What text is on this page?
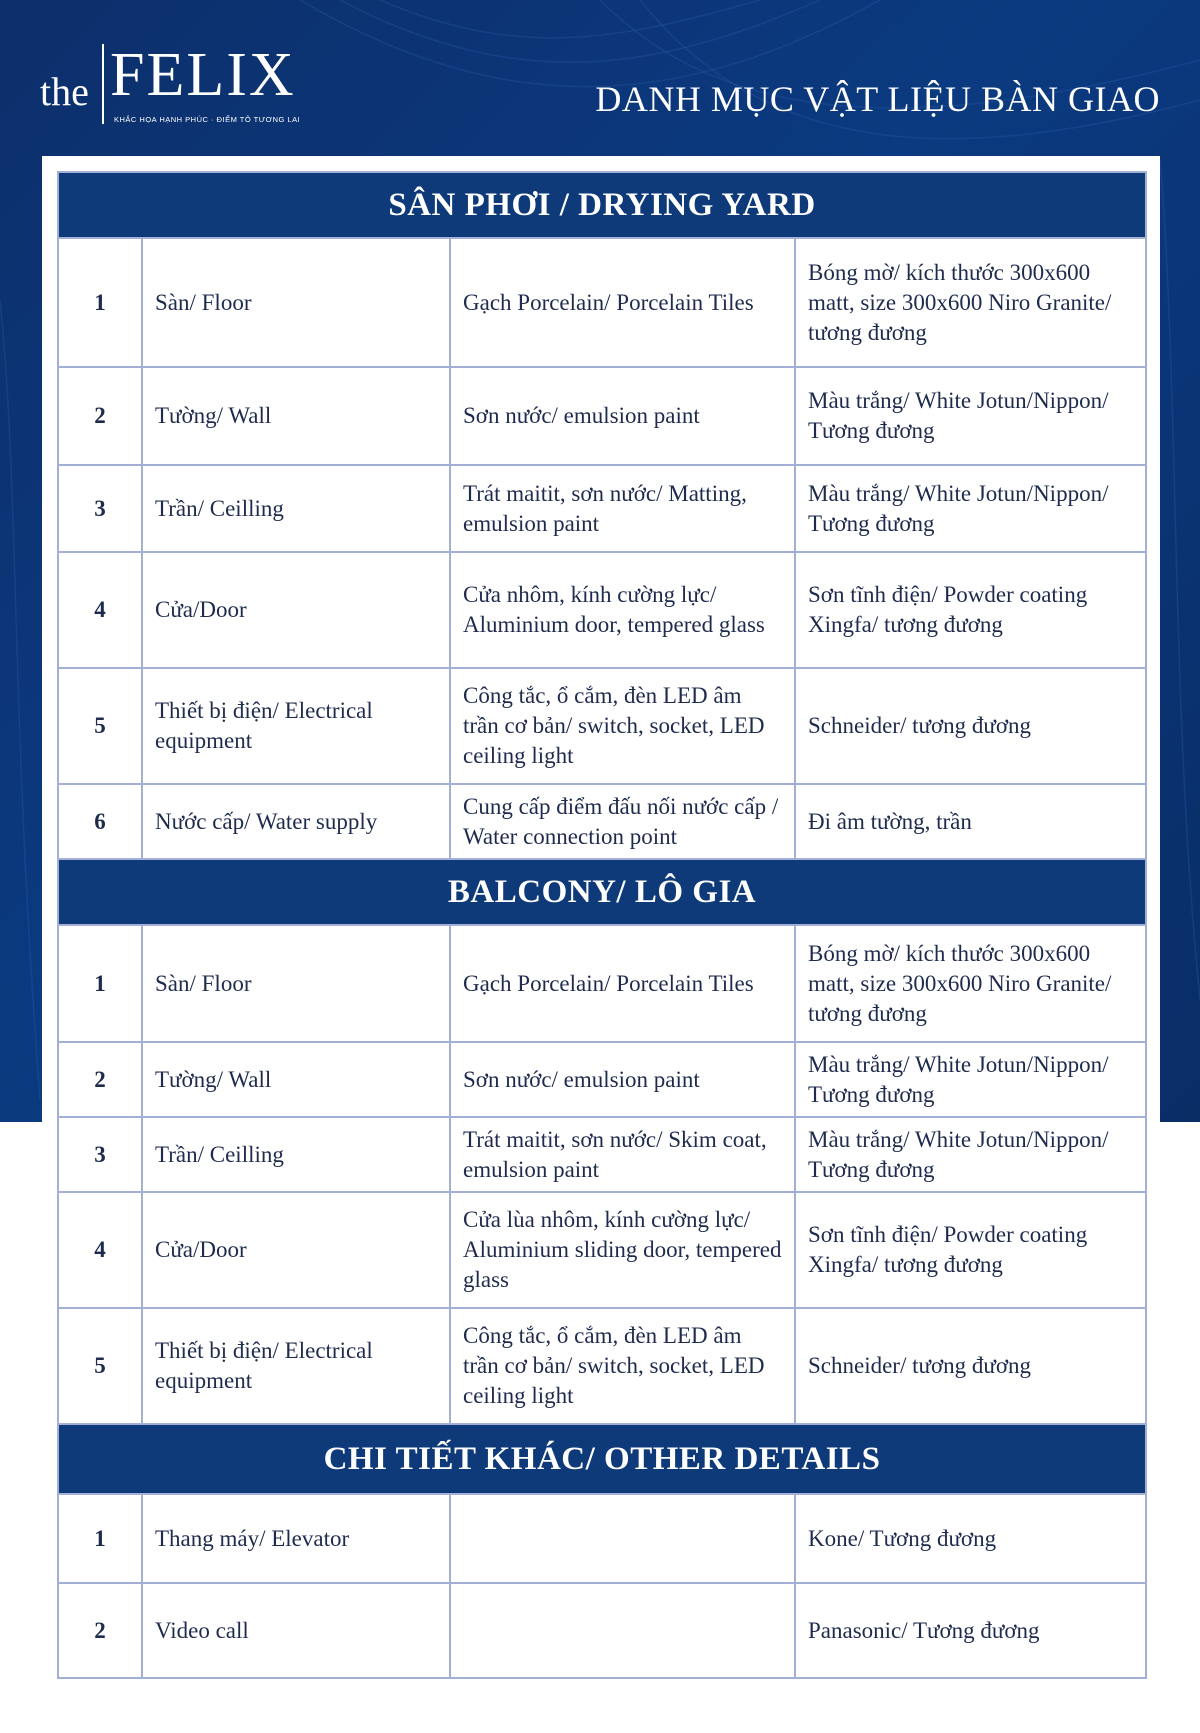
the FELIX
KHẮC HỌA HẠNH PHÚC · ĐIỂM TÔ TƯƠNG LAI
DANH MỤC VẬT LIỆU BÀN GIAO
SÂN PHƠI / DRYING YARD			
1	Sàn/ Floor	Gạch Porcelain/ Porcelain Tiles	Bóng mờ/ kích thước 300x600 matt, size 300x600 Niro Granite/ tương đương
2	Tường/ Wall	Sơn nước/ emulsion paint	Màu trắng/ White Jotun/Nippon/ Tương đương
3	Trần/ Ceilling	Trát maitit, sơn nước/ Matting, emulsion paint	Màu trắng/ White Jotun/Nippon/ Tương đương
4	Cửa/Door	Cửa nhôm, kính cường lực/ Aluminium door, tempered glass	Sơn tĩnh điện/ Powder coating Xingfa/ tương đương
5	Thiết bị điện/ Electrical equipment	Công tắc, ổ cắm, đèn LED âm trần cơ bản/ switch, socket, LED ceiling light	Schneider/ tương đương
6	Nước cấp/ Water supply	Cung cấp điểm đấu nối nước cấp / Water connection point	Đi âm tường, trần
BALCONY/ LÔ GIA			
1	Sàn/ Floor	Gạch Porcelain/ Porcelain Tiles	Bóng mờ/ kích thước 300x600 matt, size 300x600 Niro Granite/ tương đương
2	Tường/ Wall	Sơn nước/ emulsion paint	Màu trắng/ White Jotun/Nippon/ Tương đương
3	Trần/ Ceilling	Trát maitit, sơn nước/ Skim coat, emulsion paint	Màu trắng/ White Jotun/Nippon/ Tương đương
4	Cửa/Door	Cửa lùa nhôm, kính cường lực/ Aluminium sliding door, tempered glass	Sơn tĩnh điện/ Powder coating Xingfa/ tương đương
5	Thiết bị điện/ Electrical equipment	Công tắc, ổ cắm, đèn LED âm trần cơ bản/ switch, socket, LED ceiling light	Schneider/ tương đương
CHI TIẾT KHÁC/ OTHER DETAILS			
1	Thang máy/ Elevator		Kone/ Tương đương
2	Video call		Panasonic/ Tương đương
